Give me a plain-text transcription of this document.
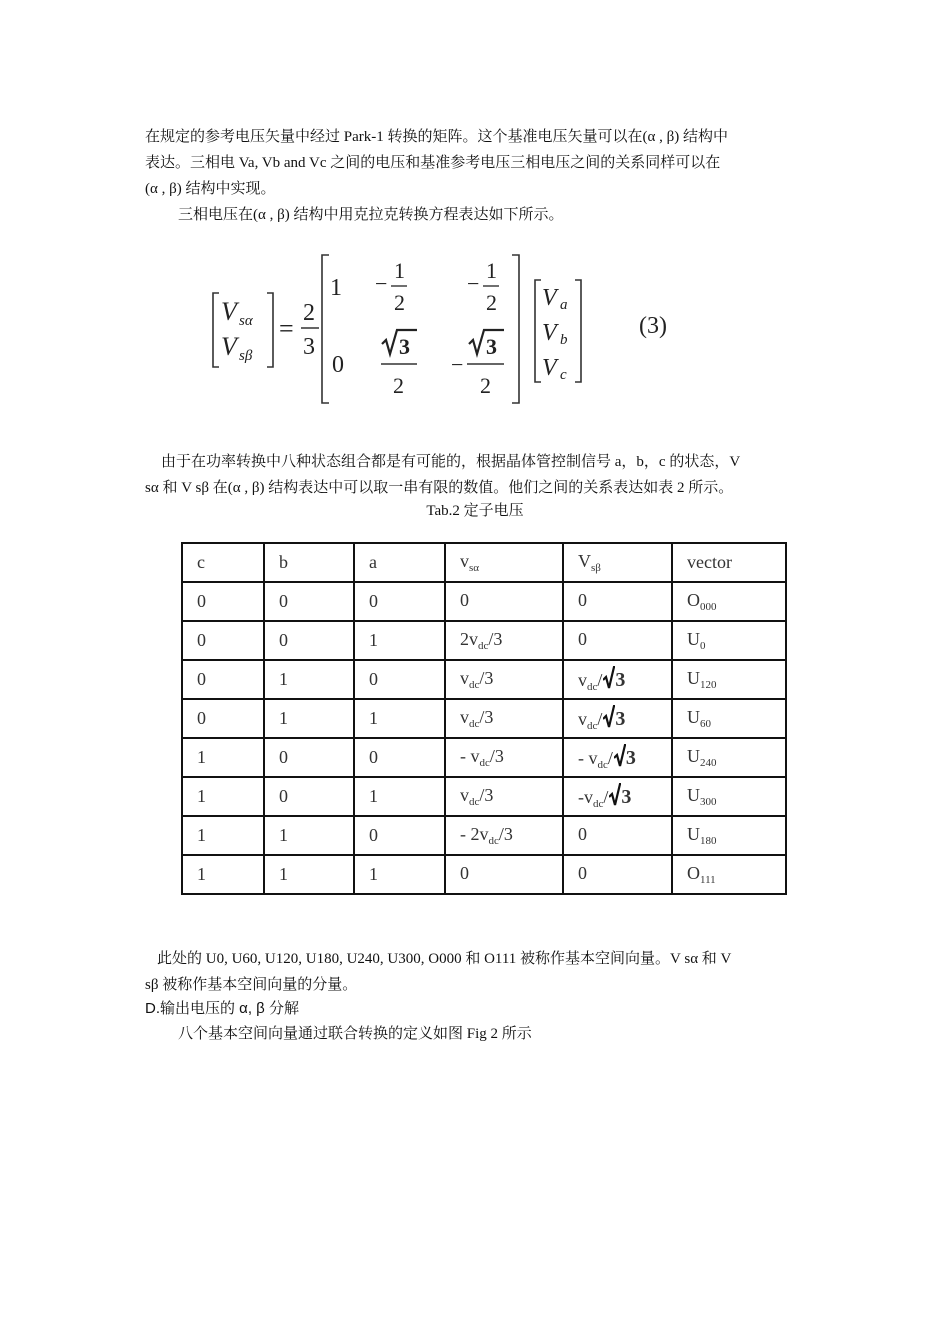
在规定的参考电压矢量中经过 Park-1 转换的矩阵。这个基准电压矢量可以在(α , β) 结构中
表达。三相电 Va, Vb and Vc 之间的电压和基准参考电压三相电压之间的关系同样可以在
(α , β) 结构中实现。
三相电压在(α , β) 结构中用克拉克转换方程表达如下所示。
V sα
V sβ
=
2
3
1 −
1
2
−
1
2
0
3
2
−
3
2
V a
V b
V c
(3)
由于在功率转换中八种状态组合都是有可能的，根据晶体管控制信号 a，b，c 的状态，V
sα 和 V sβ 在(α , β) 结构表达中可以取一串有限的数值。他们之间的关系表达如表 2 所示。
Tab.2 定子电压
c	b	a	$v_{s\alpha}$	$V_{s\beta}$	vector
0	0	0	0	0	$O_{000}$
0	0	1	$2v_{dc}/3$	0	$U_0$
0	1	0	$v_{dc}/3$	$v_{dc}/$ 3	$U_{120}$
0	1	1	$v_{dc}/3$	$v_{dc}/$ 3	$U_{60}$
1	0	0	- $v_{dc}/3$	- $v_{dc}/$ 3	$U_{240}$
1	0	1	$v_{dc}/3$	$-v_{dc}/$ 3	$U_{300}$
1	1	0	- $2v_{dc}/3$	0	$U_{180}$
1	1	1	0	0	$O_{111}$
此处的 U0, U60, U120, U180, U240, U300, O000 和 O111 被称作基本空间向量。V sα 和 V
sβ 被称作基本空间向量的分量。
D.输出电压的 α, β 分解
八个基本空间向量通过联合转换的定义如图 Fig 2 所示
